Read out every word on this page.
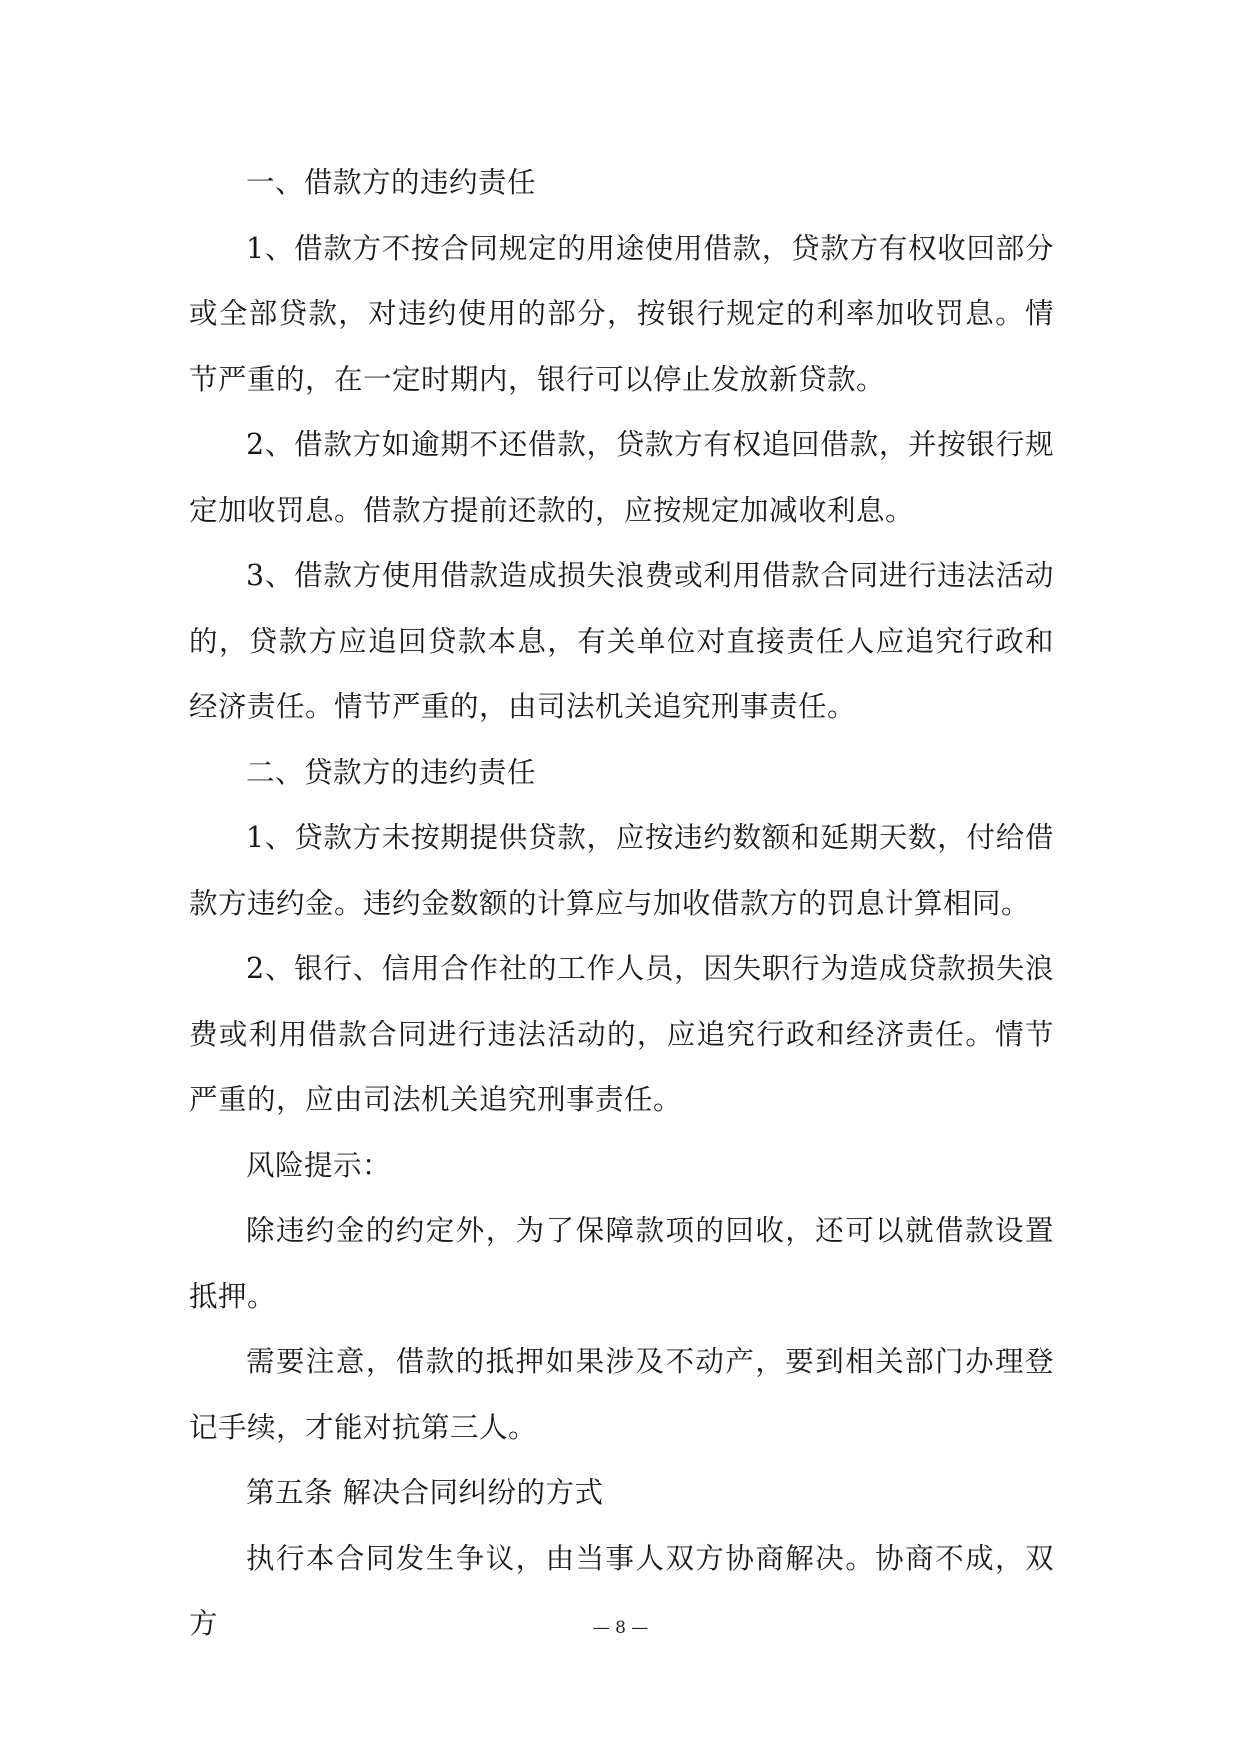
一、借款方的违约责任

1、借款方不按合同规定的用途使用借款，贷款方有权收回部分或全部贷款，对违约使用的部分，按银行规定的利率加收罚息。情节严重的，在一定时期内，银行可以停止发放新贷款。

2、借款方如逾期不还借款，贷款方有权追回借款，并按银行规定加收罚息。借款方提前还款的，应按规定加减收利息。

3、借款方使用借款造成损失浪费或利用借款合同进行违法活动的，贷款方应追回贷款本息，有关单位对直接责任人应追究行政和经济责任。情节严重的，由司法机关追究刑事责任。

二、贷款方的违约责任

1、贷款方未按期提供贷款，应按违约数额和延期天数，付给借款方违约金。违约金数额的计算应与加收借款方的罚息计算相同。

2、银行、信用合作社的工作人员，因失职行为造成贷款损失浪费或利用借款合同进行违法活动的，应追究行政和经济责任。情节严重的，应由司法机关追究刑事责任。

风险提示：

除违约金的约定外，为了保障款项的回收，还可以就借款设置抵押。

需要注意，借款的抵押如果涉及不动产，要到相关部门办理登记手续，才能对抗第三人。

第五条 解决合同纠纷的方式

执行本合同发生争议，由当事人双方协商解决。协商不成，双方	— 8 —
